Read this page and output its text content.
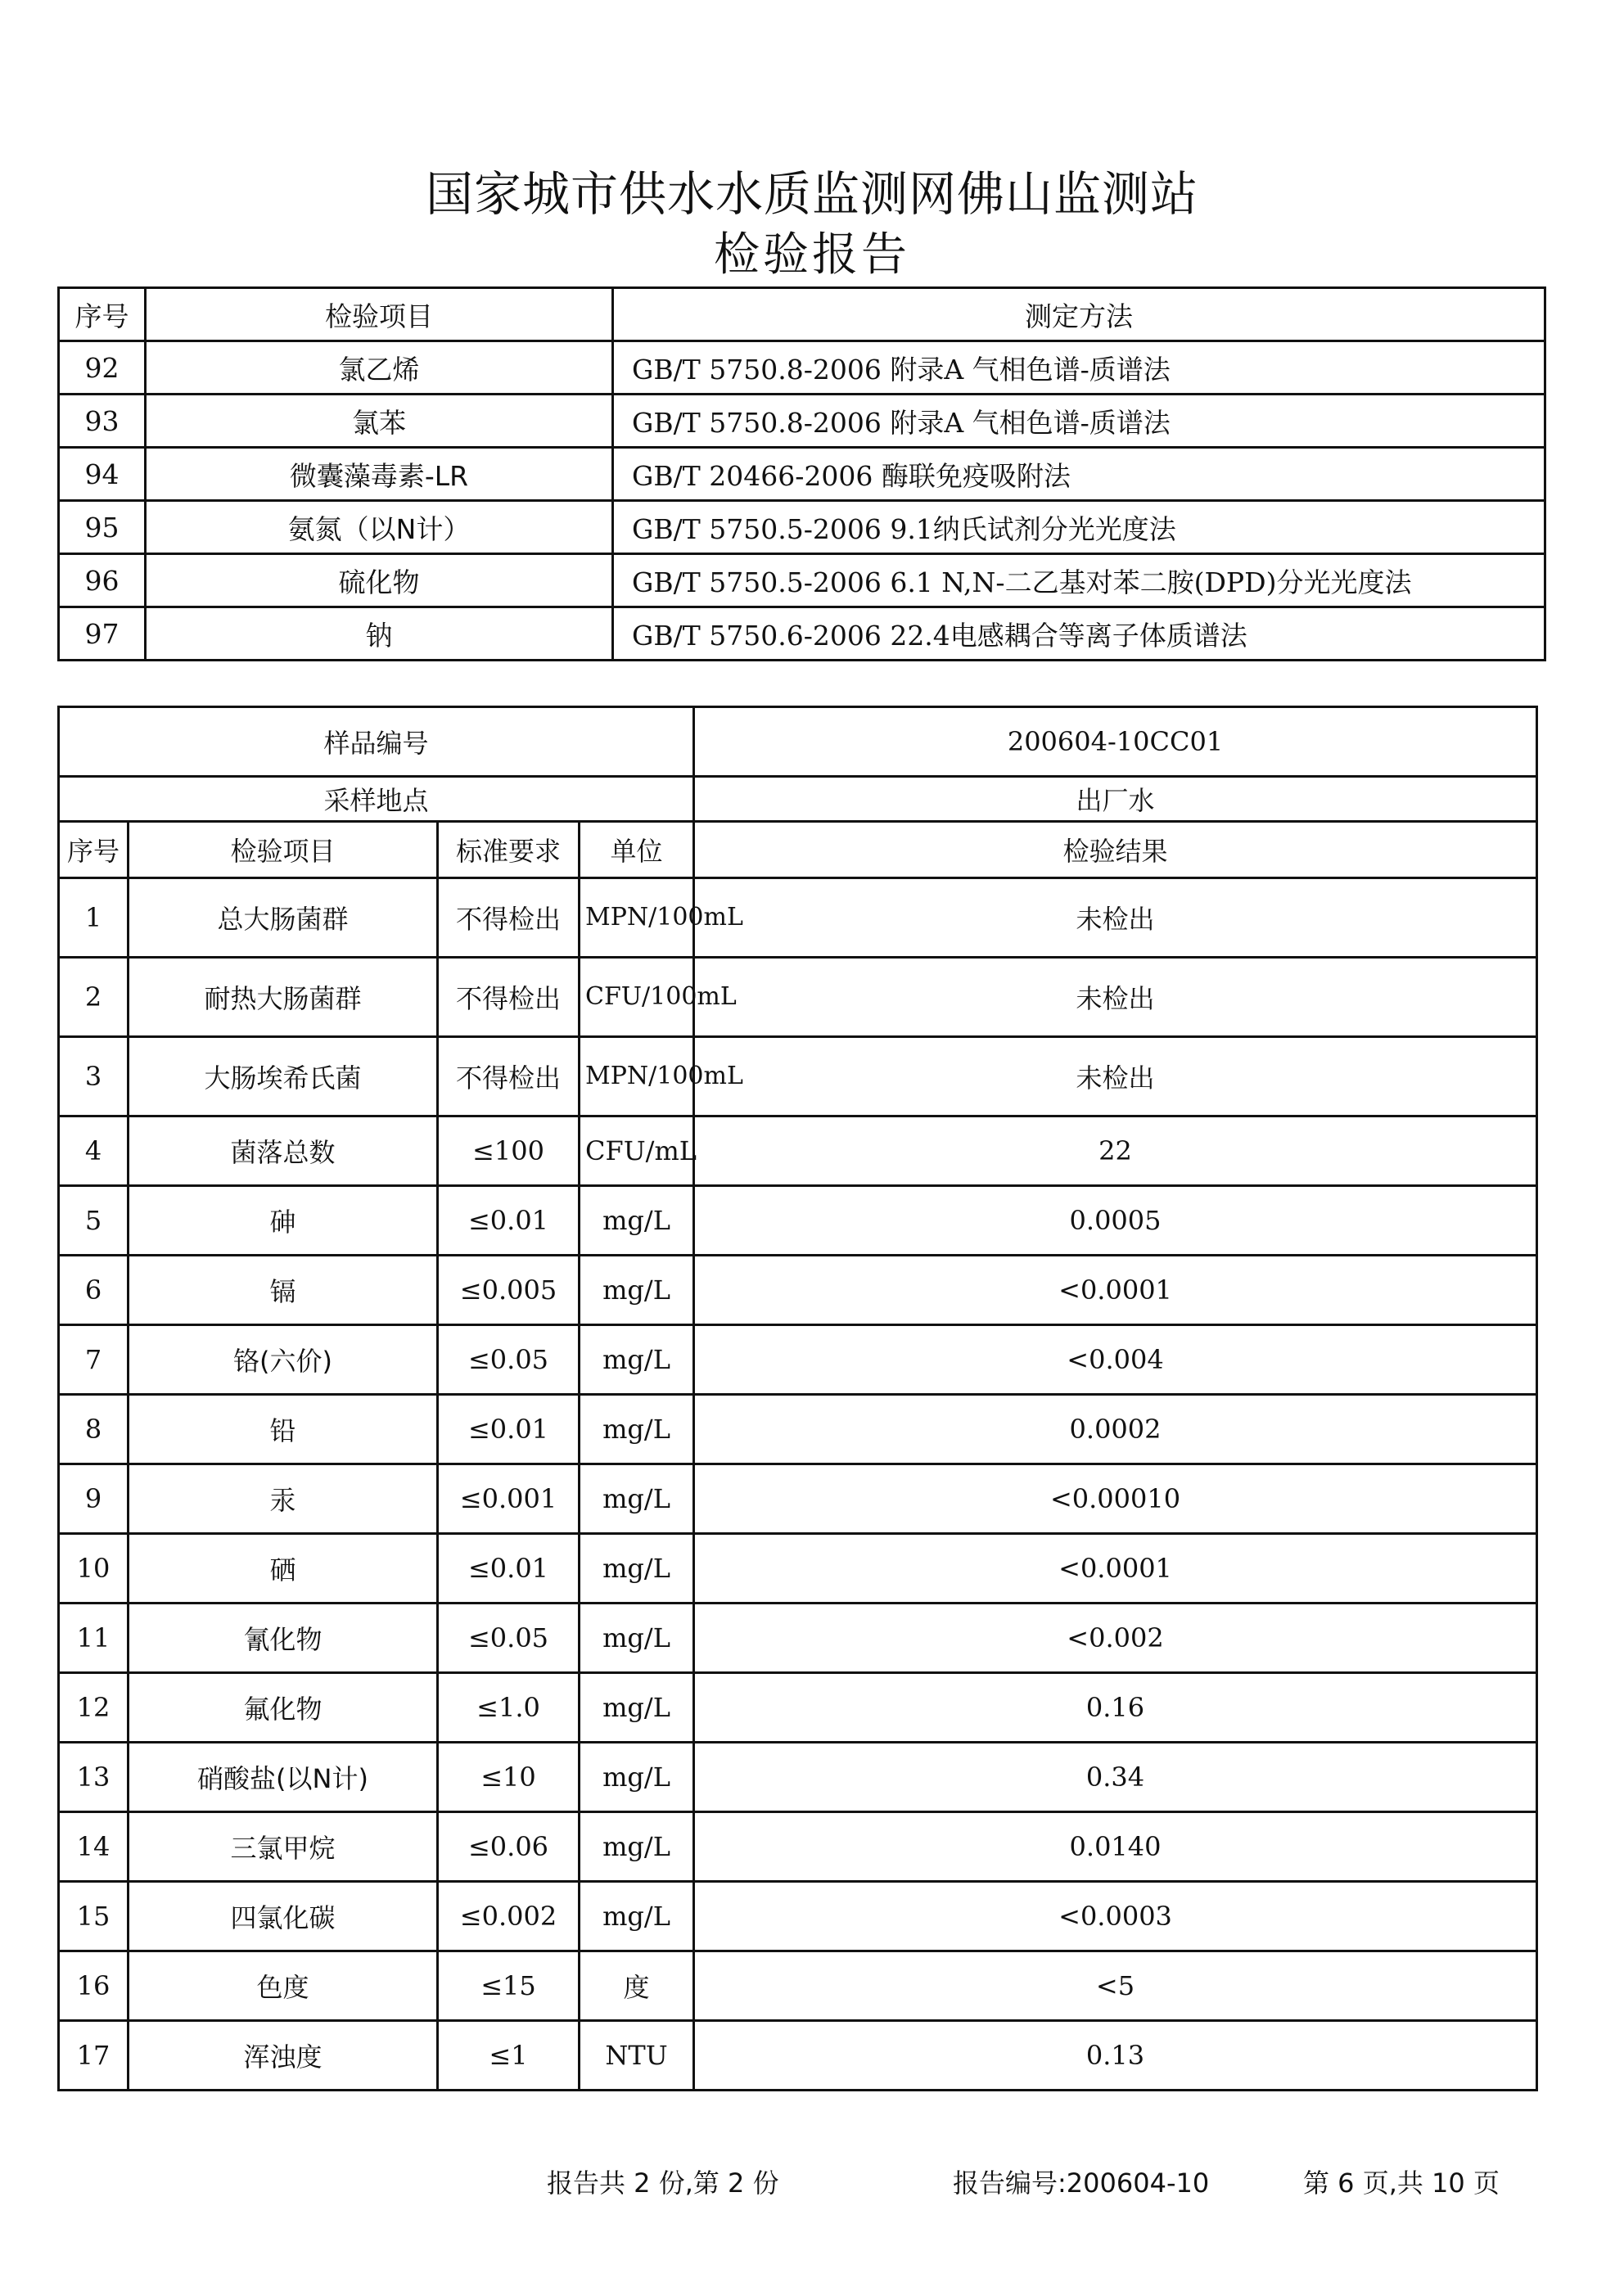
国家城市供水水质监测网佛山监测站
检验报告
序号	检验项目	测定方法
92	氯乙烯	GB/T 5750.8-2006 附录A 气相色谱-质谱法
93	氯苯	GB/T 5750.8-2006 附录A 气相色谱-质谱法
94	微囊藻毒素-LR	GB/T 20466-2006 酶联免疫吸附法
95	氨氮（以N计）	GB/T 5750.5-2006 9.1纳氏试剂分光光度法
96	硫化物	GB/T 5750.5-2006 6.1 N,N-二乙基对苯二胺(DPD)分光光度法
97	钠	GB/T 5750.6-2006 22.4电感耦合等离子体质谱法
样品编号				200604-10CC01
采样地点				出厂水
序号	检验项目	标准要求	单位	检验结果
1	总大肠菌群	不得检出	MPN/100mL	未检出
2	耐热大肠菌群	不得检出	CFU/100mL	未检出
3	大肠埃希氏菌	不得检出	MPN/100mL	未检出
4	菌落总数	≤100	CFU/mL	22
5	砷	≤0.01	mg/L	0.0005
6	镉	≤0.005	mg/L	<0.0001
7	铬(六价)	≤0.05	mg/L	<0.004
8	铅	≤0.01	mg/L	0.0002
9	汞	≤0.001	mg/L	<0.00010
10	硒	≤0.01	mg/L	<0.0001
11	氰化物	≤0.05	mg/L	<0.002
12	氟化物	≤1.0	mg/L	0.16
13	硝酸盐(以N计)	≤10	mg/L	0.34
14	三氯甲烷	≤0.06	mg/L	0.0140
15	四氯化碳	≤0.002	mg/L	<0.0003
16	色度	≤15	度	<5
17	浑浊度	≤1	NTU	0.13
报告共 2 份,第 2 份	报告编号:200604-10	第 6 页,共 10 页
